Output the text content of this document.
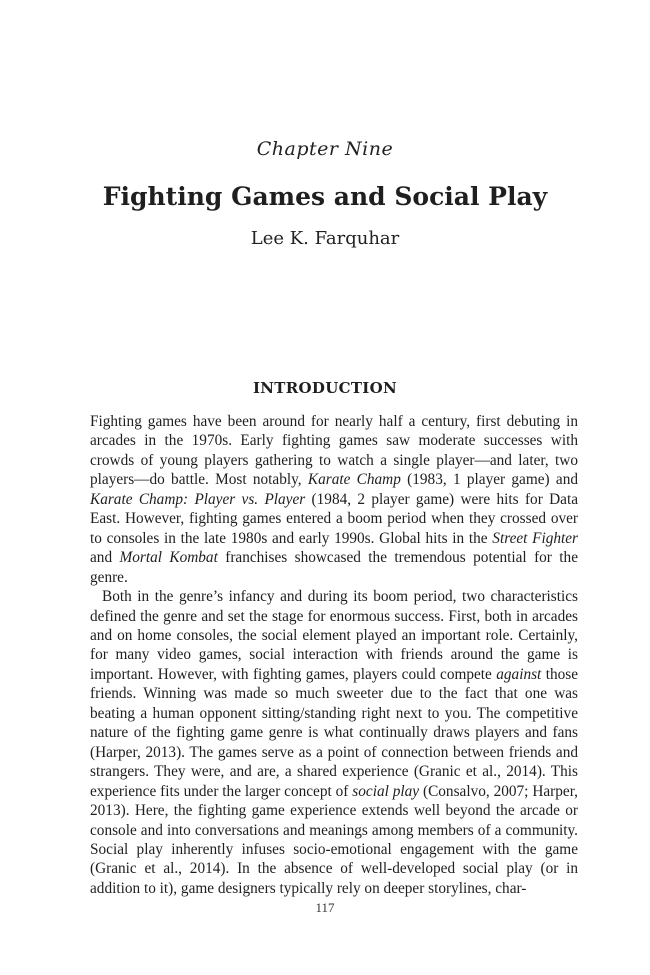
Chapter Nine
Fighting Games and Social Play
Lee K. Farquhar
INTRODUCTION

Fighting games have been around for nearly half a century, first debuting in arcades in the 1970s. Early fighting games saw moderate successes with crowds of young players gathering to watch a single player—and later, two players—do battle. Most notably, Karate Champ (1983, 1 player game) and Karate Champ: Player vs. Player (1984, 2 player game) were hits for Data East. However, fighting games entered a boom period when they crossed over to consoles in the late 1980s and early 1990s. Global hits in the Street Fighter and Mortal Kombat franchises showcased the tremendous potential for the genre.

Both in the genre’s infancy and during its boom period, two characteristics defined the genre and set the stage for enormous success. First, both in arcades and on home consoles, the social element played an important role. Certainly, for many video games, social interaction with friends around the game is important. However, with fighting games, players could compete against those friends. Winning was made so much sweeter due to the fact that one was beating a human opponent sitting/standing right next to you. The competitive nature of the fighting game genre is what continually draws players and fans (Harper, 2013). The games serve as a point of connection between friends and strangers. They were, and are, a shared experience (Granic et al., 2014). This experience fits under the larger concept of social play (Consalvo, 2007; Harper, 2013). Here, the fighting game experience extends well beyond the arcade or console and into conversations and meanings among members of a community. Social play inherently infuses socio-emotional engagement with the game (Granic et al., 2014). In the absence of well-developed social play (or in addition to it), game designers typically rely on deeper storylines, char-

117
